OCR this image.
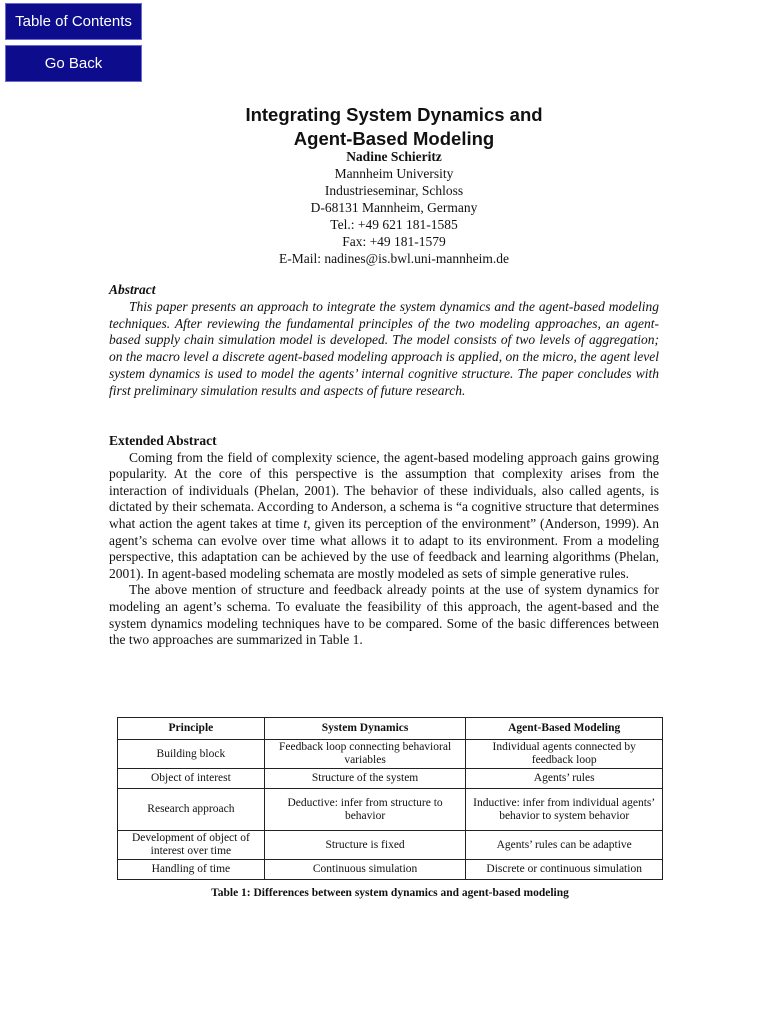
Table of Contents
Go Back
Integrating System Dynamics and
Agent-Based Modeling
Nadine Schieritz
Mannheim University
Industrieseminar, Schloss
D-68131 Mannheim, Germany
Tel.: +49 621 181-1585
Fax: +49 181-1579
E-Mail: nadines@is.bwl.uni-mannheim.de
Abstract

This paper presents an approach to integrate the system dynamics and the agent-based modeling techniques. After reviewing the fundamental principles of the two modeling approaches, an agent-based supply chain simulation model is developed. The model consists of two levels of aggregation; on the macro level a discrete agent-based modeling approach is applied, on the micro, the agent level system dynamics is used to model the agents’ internal cognitive structure. The paper concludes with first preliminary simulation results and aspects of future research.

Extended Abstract

Coming from the field of complexity science, the agent-based modeling approach gains growing popularity. At the core of this perspective is the assumption that complexity arises from the interaction of individuals (Phelan, 2001). The behavior of these individuals, also called agents, is dictated by their schemata. According to Anderson, a schema is “a cognitive structure that determines what action the agent takes at time t, given its perception of the environment” (Anderson, 1999). An agent’s schema can evolve over time what allows it to adapt to its environment. From a modeling perspective, this adaptation can be achieved by the use of feedback and learning algorithms (Phelan, 2001). In agent-based modeling schemata are mostly modeled as sets of simple generative rules.

The above mention of structure and feedback already points at the use of system dynamics for modeling an agent’s schema. To evaluate the feasibility of this approach, the agent-based and the system dynamics modeling techniques have to be compared. Some of the basic differences between the two approaches are summarized in Table 1.

Principle	System Dynamics	Agent-Based Modeling
Building block	Feedback loop connecting behavioral variables	Individual agents connected by feedback loop
Object of interest	Structure of the system	Agents’ rules
Research approach	Deductive: infer from structure to behavior	Inductive: infer from individual agents’ behavior to system behavior
Development of object of interest over time	Structure is fixed	Agents’ rules can be adaptive
Handling of time	Continuous simulation	Discrete or continuous simulation
Table 1: Differences between system dynamics and agent-based modeling
